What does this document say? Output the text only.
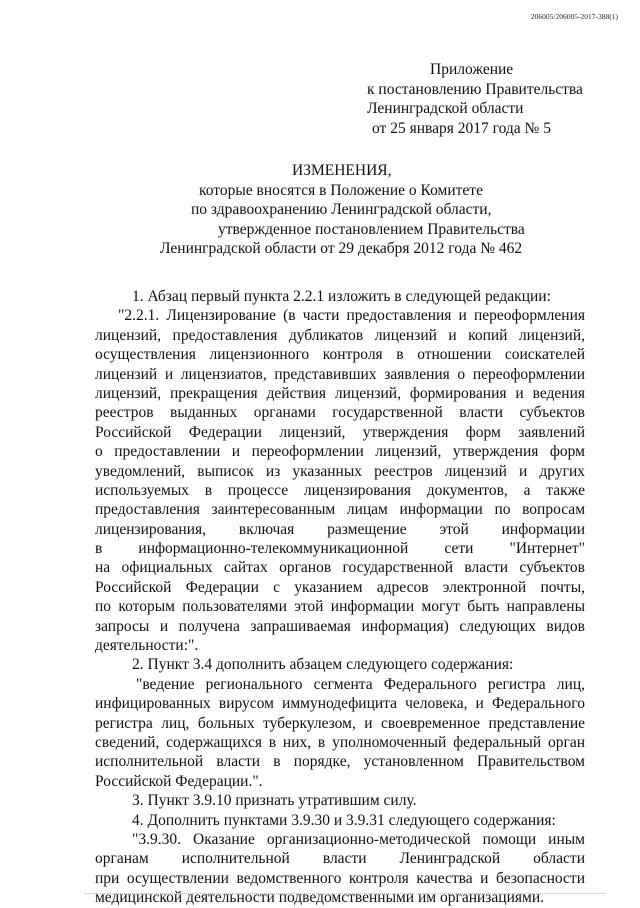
206005/206005-2017-388(1)
Приложение
к постановлению Правительства
Ленинградской области
от 25 января 2017 года № 5
ИЗМЕНЕНИЯ,
которые вносятся в Положение о Комитете
по здравоохранению Ленинградской области,
утвержденное постановлением Правительства
Ленинградской области от 29 декабря 2012 года № 462
1. Абзац первый пункта 2.2.1 изложить в следующей редакции:
"2.2.1. Лицензирование (в части предоставления и переоформления
лицензий, предоставления дубликатов лицензий и копий лицензий,
осуществления лицензионного контроля в отношении соискателей
лицензий и лицензиатов, представивших заявления о переоформлении
лицензий, прекращения действия лицензий, формирования и ведения
реестров выданных органами государственной власти субъектов
Российской Федерации лицензий, утверждения форм заявлений
о предоставлении и переоформлении лицензий, утверждения форм
уведомлений, выписок из указанных реестров лицензий и других
используемых в процессе лицензирования документов, а также
предоставления заинтересованным лицам информации по вопросам
лицензирования, включая размещение этой информации
в информационно-телекоммуникационной сети "Интернет"
на официальных сайтах органов государственной власти субъектов
Российской Федерации с указанием адресов электронной почты,
по которым пользователями этой информации могут быть направлены
запросы и получена запрашиваемая информация) следующих видов
деятельности:".
2. Пункт 3.4 дополнить абзацем следующего содержания:
"ведение регионального сегмента Федерального регистра лиц,
инфицированных вирусом иммунодефицита человека, и Федерального
регистра лиц, больных туберкулезом, и своевременное представление
сведений, содержащихся в них, в уполномоченный федеральный орган
исполнительной власти в порядке, установленном Правительством
Российской Федерации.".
3. Пункт 3.9.10 признать утратившим силу.
4. Дополнить пунктами 3.9.30 и 3.9.31 следующего содержания:
"3.9.30. Оказание организационно-методической помощи иным
органам исполнительной власти Ленинградской области
при осуществлении ведомственного контроля качества и безопасности
медицинской деятельности подведомственными им организациями.
